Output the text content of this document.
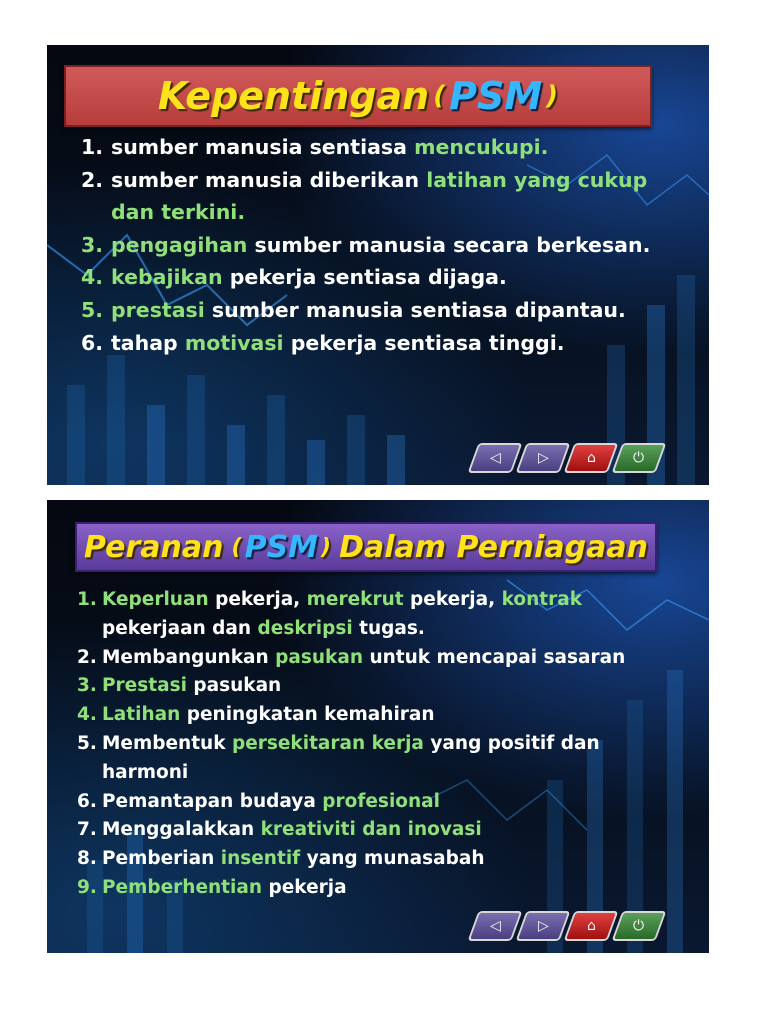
Kepentingan ( PSM )
1. sumber manusia sentiasa mencukupi.
2. sumber manusia diberikan latihan yang cukup dan terkini.
3. pengagihan sumber manusia secara berkesan.
4. kebajikan pekerja sentiasa dijaga.
5. prestasi sumber manusia sentiasa dipantau.
6. tahap motivasi pekerja sentiasa tinggi.
◁	▷	⌂	⏻
Peranan ( PSM ) Dalam Perniagaan
1. Keperluan pekerja, merekrut pekerja, kontrak pekerjaan dan deskripsi tugas.
2. Membangunkan pasukan untuk mencapai sasaran
3. Prestasi pasukan
4. Latihan peningkatan kemahiran
5. Membentuk persekitaran kerja yang positif dan harmoni
6. Pemantapan budaya profesional
7. Menggalakkan kreativiti dan inovasi
8. Pemberian insentif yang munasabah
9. Pemberhentian pekerja
◁	▷	⌂	⏻
